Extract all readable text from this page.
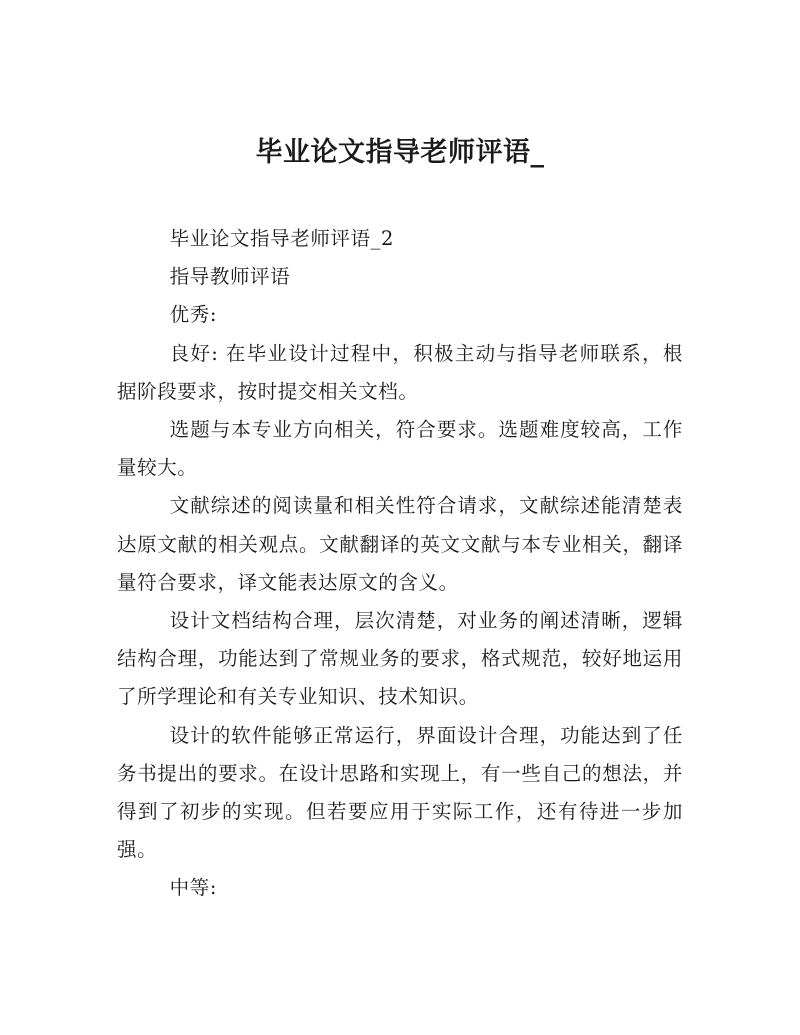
毕业论文指导老师评语_

毕业论文指导老师评语_2

指导教师评语

优秀:

良好: 在毕业设计过程中，积极主动与指导老师联系，根据阶段要求，按时提交相关文档。

选题与本专业方向相关，符合要求。选题难度较高，工作量较大。

文献综述的阅读量和相关性符合请求，文献综述能清楚表达原文献的相关观点。文献翻译的英文文献与本专业相关，翻译量符合要求，译文能表达原文的含义。

设计文档结构合理，层次清楚，对业务的阐述清晰，逻辑结构合理，功能达到了常规业务的要求，格式规范，较好地运用了所学理论和有关专业知识、技术知识。

设计的软件能够正常运行，界面设计合理，功能达到了任务书提出的要求。在设计思路和实现上，有一些自己的想法，并得到了初步的实现。但若要应用于实际工作，还有待进一步加强。

中等:
